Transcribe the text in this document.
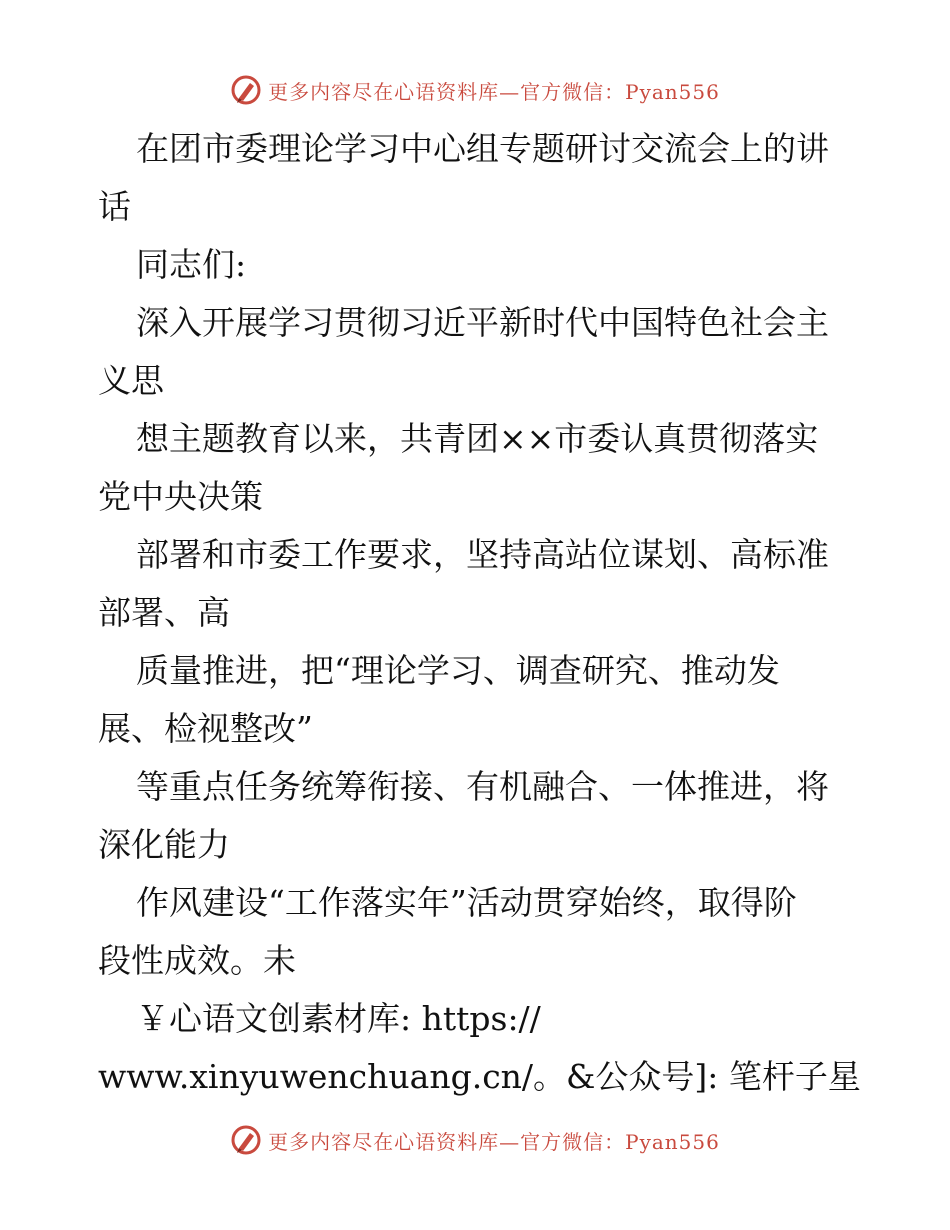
更多内容尽在心语资料库—官方微信：Pyan556
在团市委理论学习中心组专题研讨交流会上的讲
话
同志们:
深入开展学习贯彻习近平新时代中国特色社会主
义思
想主题教育以来，共青团××市委认真贯彻落实
党中央决策
部署和市委工作要求，坚持高站位谋划、高标准
部署、高
质量推进，把“理论学习、调查研究、推动发
展、检视整改”
等重点任务统筹衔接、有机融合、一体推进，将
深化能力
作风建设“工作落实年”活动贯穿始终，取得阶
段性成效。未
￥心语文创素材库: https://
www.xinyuwenchuang.cn/。&公众号]: 笔杆子星
更多内容尽在心语资料库—官方微信：Pyan556
